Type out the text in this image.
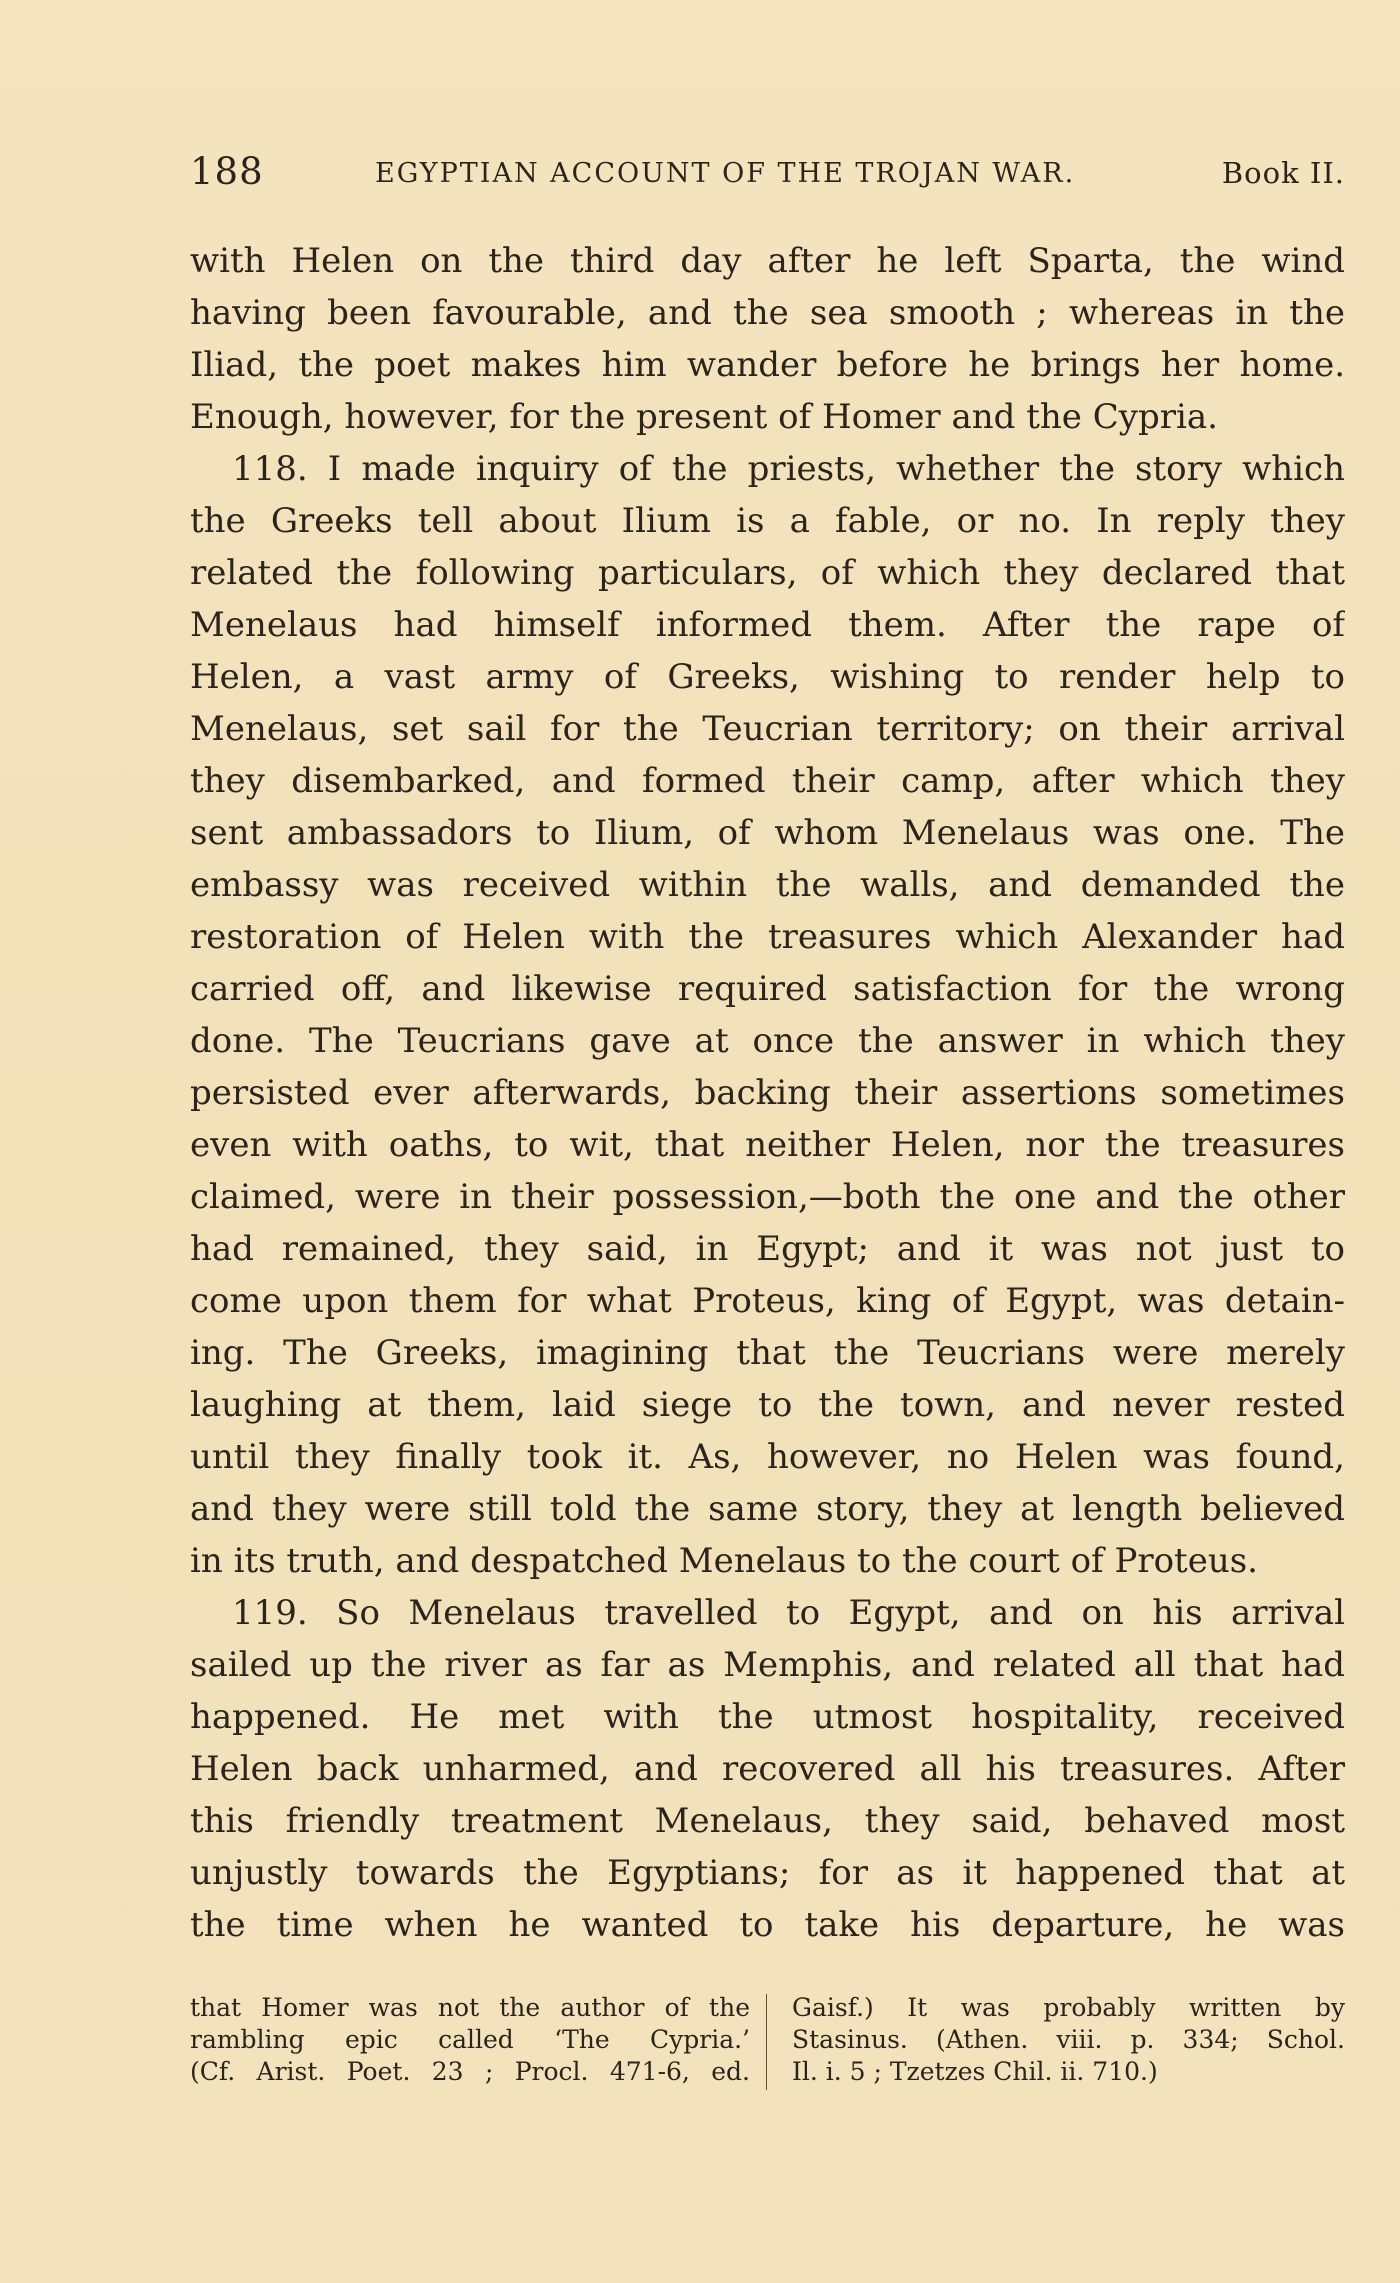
188	EGYPTIAN ACCOUNT OF THE TROJAN WAR.	Book II.
with Helen on the third day after he left Sparta, the wind
having been favourable, and the sea smooth ; whereas in the
Iliad, the poet makes him wander before he brings her home.
Enough, however, for the present of Homer and the Cypria.
118. I made inquiry of the priests, whether the story which
the Greeks tell about Ilium is a fable, or no. In reply they
related the following particulars, of which they declared that
Menelaus had himself informed them. After the rape of
Helen, a vast army of Greeks, wishing to render help to
Menelaus, set sail for the Teucrian territory; on their arrival
they disembarked, and formed their camp, after which they
sent ambassadors to Ilium, of whom Menelaus was one. The
embassy was received within the walls, and demanded the
restoration of Helen with the treasures which Alexander had
carried off, and likewise required satisfaction for the wrong
done. The Teucrians gave at once the answer in which they
persisted ever afterwards, backing their assertions sometimes
even with oaths, to wit, that neither Helen, nor the treasures
claimed, were in their possession,—both the one and the other
had remained, they said, in Egypt; and it was not just to
come upon them for what Proteus, king of Egypt, was detain-
ing. The Greeks, imagining that the Teucrians were merely
laughing at them, laid siege to the town, and never rested
until they finally took it. As, however, no Helen was found,
and they were still told the same story, they at length believed
in its truth, and despatched Menelaus to the court of Proteus.
119. So Menelaus travelled to Egypt, and on his arrival
sailed up the river as far as Memphis, and related all that had
happened. He met with the utmost hospitality, received
Helen back unharmed, and recovered all his treasures. After
this friendly treatment Menelaus, they said, behaved most
unjustly towards the Egyptians; for as it happened that at
the time when he wanted to take his departure, he was
that Homer was not the author of the
rambling epic called ‘The Cypria.’
(Cf. Arist. Poet. 23 ; Procl. 471-6, ed.
Gaisf.) It was probably written by
Stasinus. (Athen. viii. p. 334; Schol.
Il. i. 5 ; Tzetzes Chil. ii. 710.)
